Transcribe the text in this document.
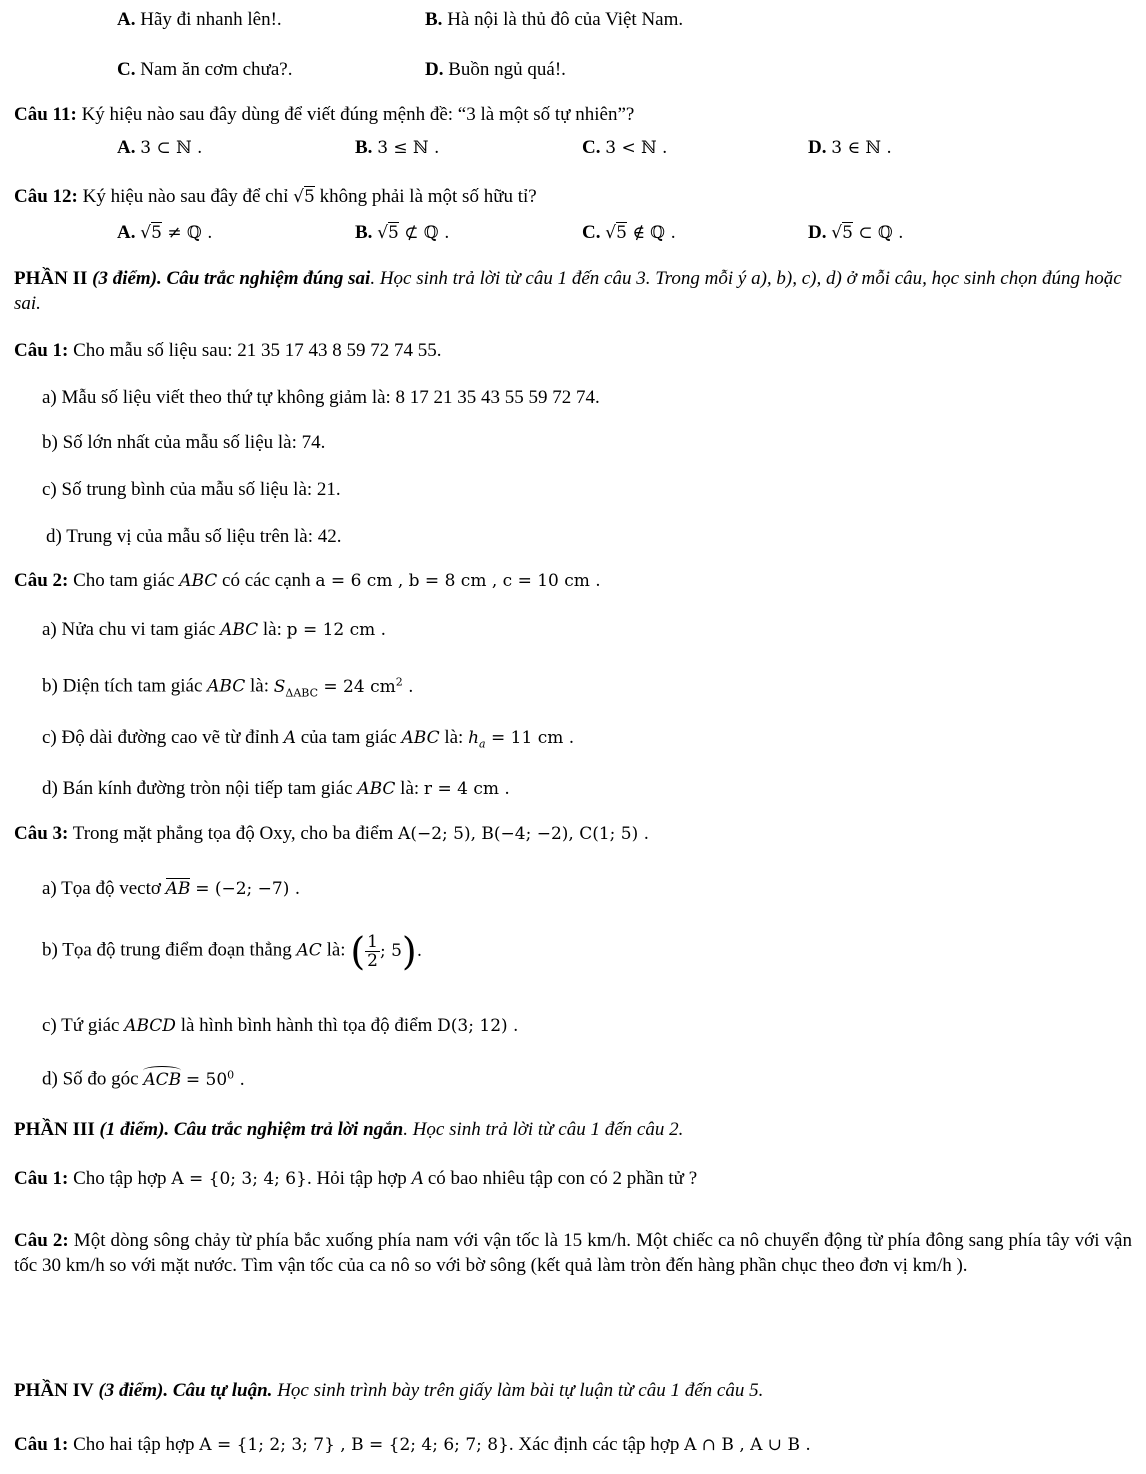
A. Hãy đi nhanh lên!.	B. Hà nội là thủ đô của Việt Nam.
C. Nam ăn cơm chưa?.	D. Buồn ngủ quá!.
Câu 11: Ký hiệu nào sau đây dùng để viết đúng mệnh đề: “3 là một số tự nhiên”?
A. 3 ⊂ ℕ .	B. 3 ≤ ℕ .	C. 3 < ℕ .	D. 3 ∈ ℕ .
Câu 12: Ký hiệu nào sau đây để chỉ √5 không phải là một số hữu tỉ?
A. √5 ≠ ℚ .	B. √5 ⊄ ℚ .	C. √5 ∉ ℚ .	D. √5 ⊂ ℚ .
PHẦN II (3 điểm). Câu trắc nghiệm đúng sai. Học sinh trả lời từ câu 1 đến câu 3. Trong mỗi ý a), b), c), d) ở mỗi câu, học sinh chọn đúng hoặc sai.
Câu 1: Cho mẫu số liệu sau: 21 35 17 43 8 59 72 74 55.
a) Mẫu số liệu viết theo thứ tự không giảm là: 8 17 21 35 43 55 59 72 74.
b) Số lớn nhất của mẫu số liệu là: 74.
c) Số trung bình của mẫu số liệu là: 21.
d) Trung vị của mẫu số liệu trên là: 42.
Câu 2: Cho tam giác ABC có các cạnh a = 6 cm , b = 8 cm , c = 10 cm .
a) Nửa chu vi tam giác ABC là: p = 12 cm .
b) Diện tích tam giác ABC là: $S_{\Delta ABC} = 24$ $cm^2$ .
c) Độ dài đường cao vẽ từ đỉnh A của tam giác ABC là: $h_a = 11$ cm .
d) Bán kính đường tròn nội tiếp tam giác ABC là: r = 4 cm .
Câu 3: Trong mặt phẳng tọa độ Oxy, cho ba điểm A(−2; 5), B(−4; −2), C(1; 5) .
a) Tọa độ vectơ AB = (−2; −7) .
b) Tọa độ trung điểm đoạn thẳng AC là: ( $\frac{1}{2}$ ; 5).
c) Tứ giác ABCD là hình bình hành thì tọa độ điểm D(3; 12) .
d) Số đo góc ACB = $50^0$ .
PHẦN III (1 điểm). Câu trắc nghiệm trả lời ngắn. Học sinh trả lời từ câu 1 đến câu 2.
Câu 1: Cho tập hợp A = {0; 3; 4; 6}. Hỏi tập hợp A có bao nhiêu tập con có 2 phần tử ?
Câu 2: Một dòng sông chảy từ phía bắc xuống phía nam với vận tốc là 15 km/h. Một chiếc ca nô chuyển động từ phía đông sang phía tây với vận tốc 30 km/h so với mặt nước. Tìm vận tốc của ca nô so với bờ sông (kết quả làm tròn đến hàng phần chục theo đơn vị km/h ).
PHẦN IV (3 điểm). Câu tự luận. Học sinh trình bày trên giấy làm bài tự luận từ câu 1 đến câu 5.
Câu 1: Cho hai tập hợp A = {1; 2; 3; 7} , B = {2; 4; 6; 7; 8}. Xác định các tập hợp A ∩ B , A ∪ B .
